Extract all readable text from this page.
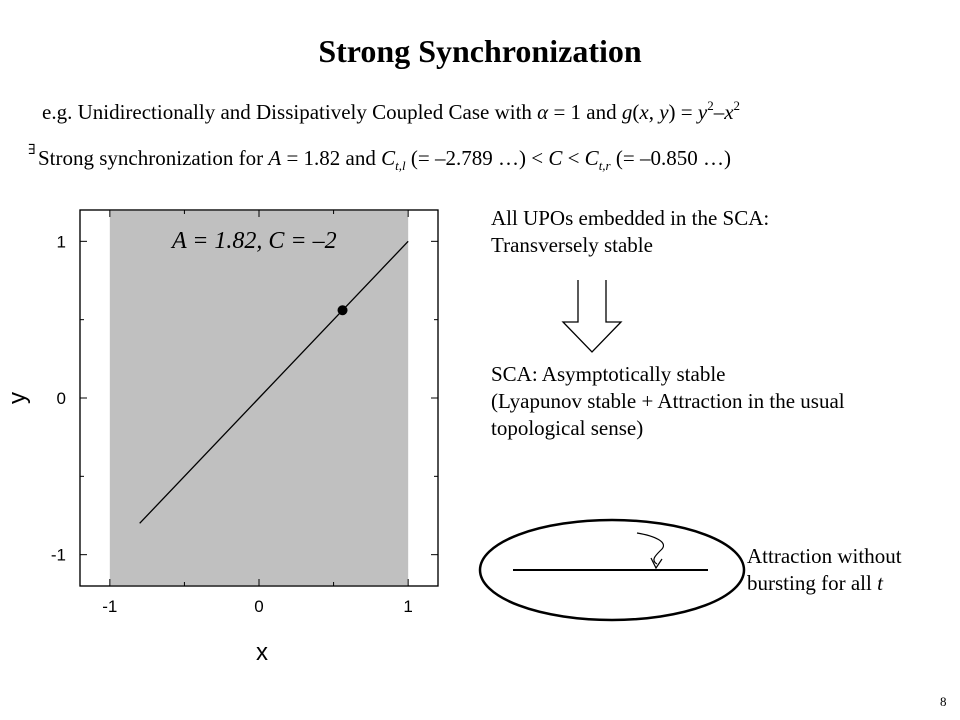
Strong Synchronization
e.g. Unidirectionally and Dissipatively Coupled Case with α = 1 and g(x, $y) = y^2-x^2$
∃ Strong synchronization for A = 1.82 and $C_{t,l}$ (= –2.789 …) < $C < C_{t,r}$ (= –0.850 …)
A = 1.82, C = –2
-1	0	1
1
0
-1
x
y
All UPOs embedded in the SCA:
Transversely stable
SCA: Asymptotically stable
(Lyapunov stable + Attraction in the usual
topological sense)
Attraction without
bursting for all t
8
